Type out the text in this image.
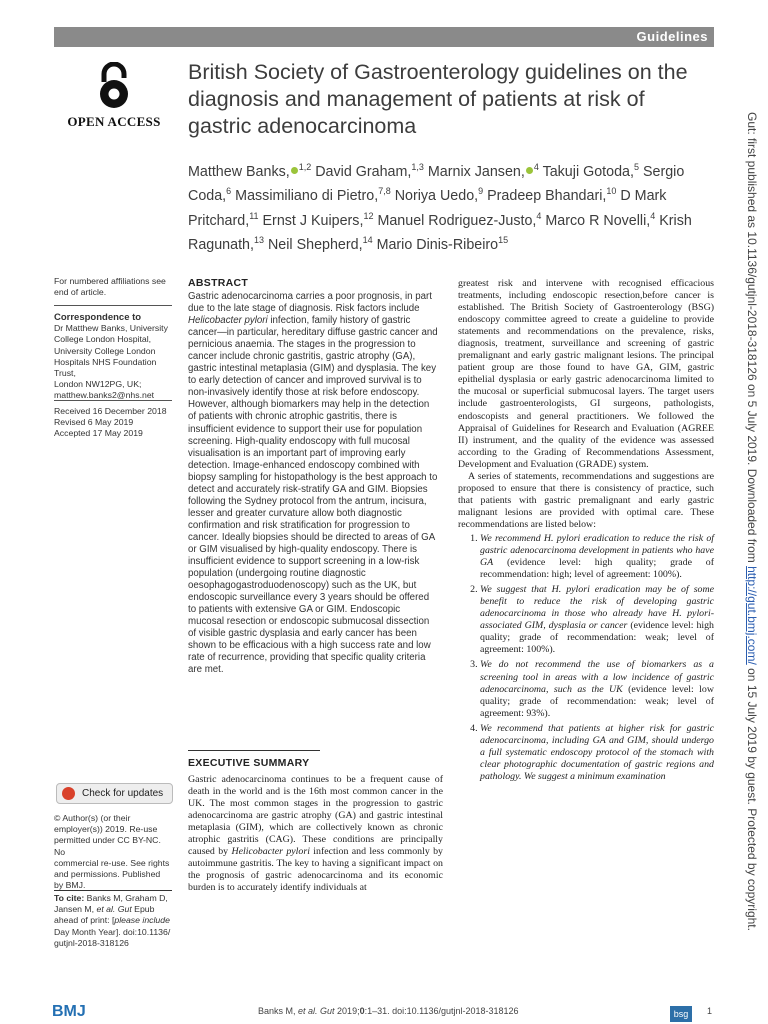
Guidelines
OPEN ACCESS
British Society of Gastroenterology guidelines on the diagnosis and management of patients at risk of gastric adenocarcinoma
Matthew Banks, $^{1,2}$ David Graham,$^{1,3}$ Marnix Jansen, $^4$ Takuji Gotoda,$^5$ Sergio Coda,$^6$ Massimiliano di Pietro,$^{7,8}$ Noriya Uedo,$^9$ Pradeep Bhandari,$^{10}$ D Mark Pritchard,$^{11}$ Ernst J Kuipers,$^{12}$ Manuel Rodriguez-Justo,$^4$ Marco R Novelli,$^4$ Krish Ragunath,$^{13}$ Neil Shepherd,$^{14}$ Mario Dinis-Ribeiro$^{15}$
For numbered affiliations see end of article.
Correspondence to
Dr Matthew Banks, University
College London Hospital,
University College London
Hospitals NHS Foundation Trust,
London NW12PG, UK;
matthew.banks2@nhs.net
Received 16 December 2018
Revised 6 May 2019
Accepted 17 May 2019
Check for updates
© Author(s) (or their
employer(s)) 2019. Re-use
permitted under CC BY-NC. No
commercial re-use. See rights
and permissions. Published
by BMJ.
To cite: Banks M, Graham D, Jansen M, et al. Gut Epub ahead of print: [please include Day Month Year]. doi:10.1136/ gutjnl-2018-318126
ABSTRACT

Gastric adenocarcinoma carries a poor prognosis, in part due to the late stage of diagnosis. Risk factors include Helicobacter pylori infection, family history of gastric cancer—in particular, hereditary diffuse gastric cancer and pernicious anaemia. The stages in the progression to cancer include chronic gastritis, gastric atrophy (GA), gastric intestinal metaplasia (GIM) and dysplasia. The key to early detection of cancer and improved survival is to non-invasively identify those at risk before endoscopy. However, although biomarkers may help in the detection of patients with chronic atrophic gastritis, there is insufficient evidence to support their use for population screening. High-quality endoscopy with full mucosal visualisation is an important part of improving early detection. Image-enhanced endoscopy combined with biopsy sampling for histopathology is the best approach to detect and accurately risk-stratify GA and GIM. Biopsies following the Sydney protocol from the antrum, incisura, lesser and greater curvature allow both diagnostic confirmation and risk stratification for progression to cancer. Ideally biopsies should be directed to areas of GA or GIM visualised by high-quality endoscopy. There is insufficient evidence to support screening in a low-risk population (undergoing routine diagnostic oesophagogastroduodenoscopy) such as the UK, but endoscopic surveillance every 3 years should be offered to patients with extensive GA or GIM. Endoscopic mucosal resection or endoscopic submucosal dissection of visible gastric dysplasia and early cancer has been shown to be efficacious with a high success rate and low rate of recurrence, providing that specific quality criteria are met.

EXECUTIVE SUMMARY

Gastric adenocarcinoma continues to be a frequent cause of death in the world and is the 16th most common cancer in the UK. The most common stages in the progression to gastric adenocarcinoma are gastric atrophy (GA) and gastric intestinal metaplasia (GIM), which are collectively known as chronic atrophic gastritis (CAG). These conditions are principally caused by Helicobacter pylori infection and less commonly by autoimmune gastritis. The key to having a significant impact on the prognosis of gastric adenocarcinoma and its economic burden is to accurately identify individuals at

greatest risk and intervene with recognised efficacious treatments, including endoscopic resection,before cancer is established. The British Society of Gastroenterology (BSG) endoscopy committee agreed to create a guideline to provide statements and recommendations on the prevalence, risks, diagnosis, treatment, surveillance and screening of gastric premalignant and early gastric malignant lesions. The principal patient group are those found to have GA, GIM, gastric epithelial dysplasia or early gastric adenocarcinoma limited to the mucosal or superficial submucosal layers. The target users include gastroenterologists, GI surgeons, pathologists, endoscopists and general practitioners. We followed the Appraisal of Guidelines for Research and Evaluation (AGREE II) instrument, and the quality of the evidence was assessed according to the Grading of Recommendations Assessment, Development and Evaluation (GRADE) system.

A series of statements, recommendations and suggestions are proposed to ensure that there is consistency of practice, such that patients with gastric premalignant and early gastric malignant lesions are provided with optimal care. These recommendations are listed below:

1. We recommend H. pylori eradication to reduce the risk of gastric adenocarcinoma development in patients who have GA (evidence level: high quality; grade of recommendation: high; level of agreement: 100%).
2. We suggest that H. pylori eradication may be of some benefit to reduce the risk of developing gastric adenocarcinoma in those who already have H. pylori-associated GIM, dysplasia or cancer (evidence level: high quality; grade of recommendation: weak; level of agreement: 100%).
3. We do not recommend the use of biomarkers as a screening tool in areas with a low incidence of gastric adenocarcinoma, such as the UK (evidence level: low quality; grade of recommendation: weak; level of agreement: 93%).
4. We recommend that patients at higher risk for gastric adenocarcinoma, including GA and GIM, should undergo a full systematic endoscopy protocol of the stomach with clear photographic documentation of gastric regions and pathology. We suggest a minimum examination
BMJ	Banks M, et al. Gut 2019;0:1–31. doi:10.1136/gutjnl-2018-318126	bsg	1
Gut: first published as 10.1136/gutjnl-2018-318126 on 5 July 2019. Downloaded from http://gut.bmj.com/ on 15 July 2019 by guest. Protected by copyright.
